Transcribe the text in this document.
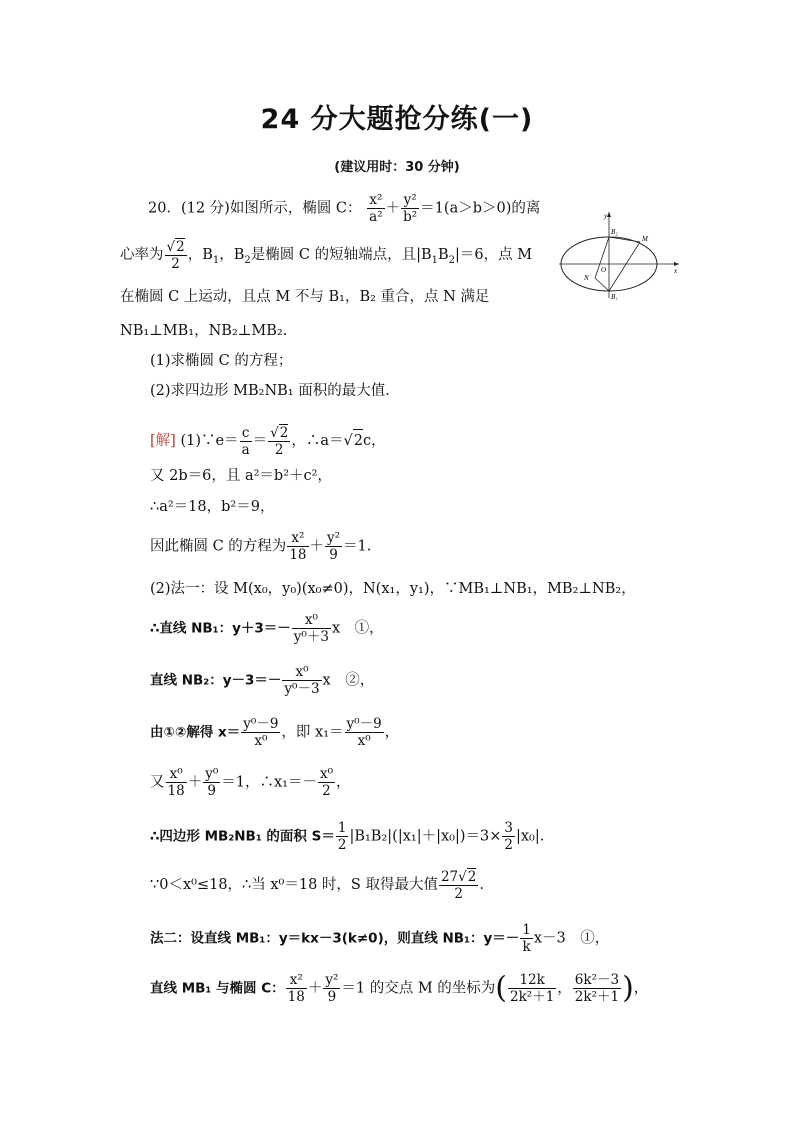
24 分大题抢分练(一)
(建议用时：30 分钟)
20．(12 分)如图所示，椭圆 C： $\frac{\text{x²}}{\text{a²}} + \frac{\text{y²}}{\text{b²}} =1(a>b>0)$的离
心率为 $\frac{√2}{2}$ ，$B_1$，$B_2$是椭圆 C 的短轴端点，且$|B_1B_2|=6$，点 M
在椭圆 C 上运动，且点 M 不与 B₁，B₂ 重合，点 N 满足
NB₁⊥MB₁，NB₂⊥MB₂.
(1)求椭圆 C 的方程；
(2)求四边形 MB₂NB₁ 面积的最大值．
y
x
B₂
B₁
M
N
O
[解] (1)∵e＝ $\frac{c}{a} = \frac{√2}{2}$ ，∴a＝√2c，
又 2b＝6，且 a²＝b²＋c²，
∴a²＝18，b²＝9，
因此椭圆 C 的方程为 $\frac{\text{x²}}{18} + \frac{\text{y²}}{9} =1$.
(2)法一：设 M(x₀，y₀)(x₀≠0)，N(x₁，y₁)，∵MB₁⊥NB₁，MB₂⊥NB₂，
∴直线 NB₁：$y+3=- \frac{\text{x⁰}}{\text{y⁰＋3}}$ x　①，
直线 NB₂：$y-3=- \frac{\text{x⁰}}{\text{y⁰－3}}$ x　②，
由①②解得 $x= \frac{\text{y⁰－9}}{\text{x⁰}}$ ，即 $x_1= \frac{\text{y⁰－9}}{\text{x⁰}}$ ，
又 $\frac{\text{x⁰}}{18} + \frac{\text{y⁰}}{9} =1$，∴x₁＝－ $\frac{\text{x⁰}}{2}$ ，
∴四边形 MB₂NB₁ 的面积 $S= \frac{1}{2} |B_1B_2|(|x_1|+|x_0|)=3\times \frac{3}{2} |x_0|$.
∵0＜x⁰≤18，∴当 x⁰＝18 时，S 取得最大值 $\frac{27√2}{2}$ .
法二：设直线 MB₁：y＝kx－3(k≠0)，则直线 NB₁：$y=- \frac{1}{k} x-3$　①，
直线 MB₁ 与椭圆 C： $\frac{\text{x²}}{18} + \frac{\text{y²}}{9} =1$ 的交点 M 的坐标为( $\frac{12k}{\text{2k²＋1}}$ ， $\frac{\text{6k²－3}}{\text{2k²＋1}}$ )，
